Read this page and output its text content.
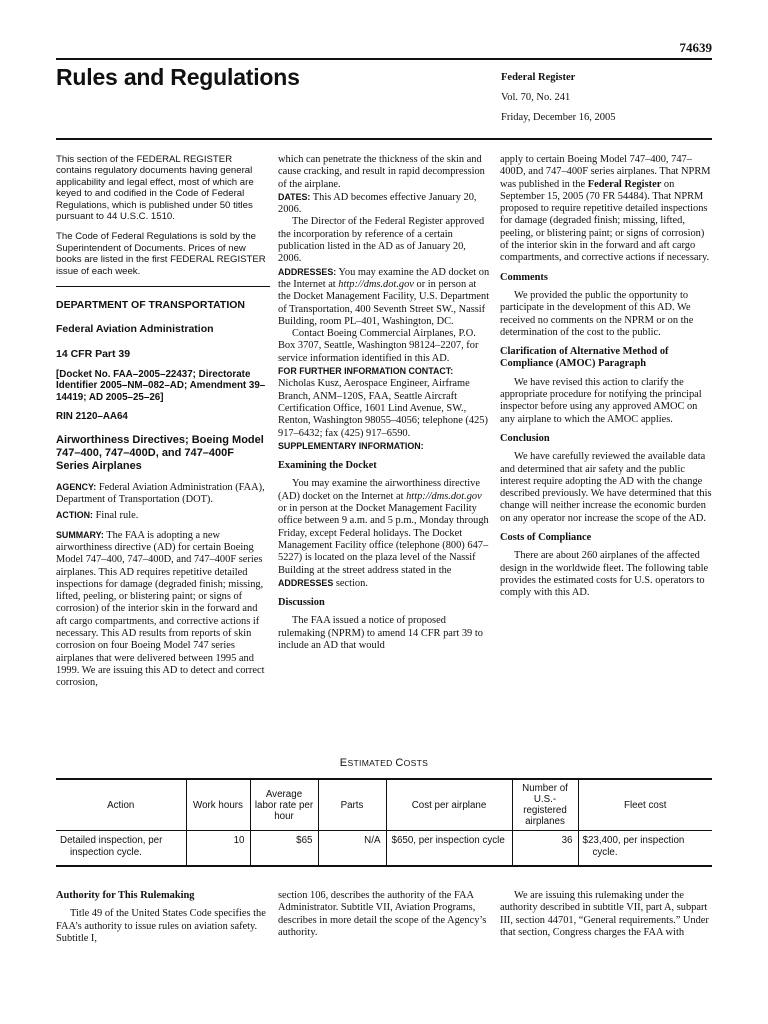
74639
Rules and Regulations	Federal Register
Vol. 70, No. 241
Friday, December 16, 2005

This section of the FEDERAL REGISTER contains regulatory documents having general applicability and legal effect, most of which are keyed to and codified in the Code of Federal Regulations, which is published under 50 titles pursuant to 44 U.S.C. 1510.

The Code of Federal Regulations is sold by the Superintendent of Documents. Prices of new books are listed in the first FEDERAL REGISTER issue of each week.

DEPARTMENT OF TRANSPORTATION
Federal Aviation Administration
14 CFR Part 39
[Docket No. FAA–2005–22437; Directorate Identifier 2005–NM–082–AD; Amendment 39–14419; AD 2005–25–26]
RIN 2120–AA64
Airworthiness Directives; Boeing Model 747–400, 747–400D, and 747–400F Series Airplanes

AGENCY: Federal Aviation Administration (FAA), Department of Transportation (DOT).

ACTION: Final rule.

SUMMARY: The FAA is adopting a new airworthiness directive (AD) for certain Boeing Model 747–400, 747–400D, and 747–400F series airplanes. This AD requires repetitive detailed inspections for damage (degraded finish; missing, lifted, peeling, or blistering paint; or signs of corrosion) of the interior skin in the forward and aft cargo compartments, and corrective actions if necessary. This AD results from reports of skin corrosion on four Boeing Model 747 series airplanes that were delivered between 1995 and 1999. We are issuing this AD to detect and correct corrosion,

which can penetrate the thickness of the skin and cause cracking, and result in rapid decompression of the airplane.

DATES: This AD becomes effective January 20, 2006.

The Director of the Federal Register approved the incorporation by reference of a certain publication listed in the AD as of January 20, 2006.

ADDRESSES: You may examine the AD docket on the Internet at http://dms.dot.gov or in person at the Docket Management Facility, U.S. Department of Transportation, 400 Seventh Street SW., Nassif Building, room PL–401, Washington, DC.

Contact Boeing Commercial Airplanes, P.O. Box 3707, Seattle, Washington 98124–2207, for service information identified in this AD.

FOR FURTHER INFORMATION CONTACT: Nicholas Kusz, Aerospace Engineer, Airframe Branch, ANM–120S, FAA, Seattle Aircraft Certification Office, 1601 Lind Avenue, SW., Renton, Washington 98055–4056; telephone (425) 917–6432; fax (425) 917–6590.

SUPPLEMENTARY INFORMATION:

Examining the Docket

You may examine the airworthiness directive (AD) docket on the Internet at http://dms.dot.gov or in person at the Docket Management Facility office between 9 a.m. and 5 p.m., Monday through Friday, except Federal holidays. The Docket Management Facility office (telephone (800) 647–5227) is located on the plaza level of the Nassif Building at the street address stated in the ADDRESSES section.

Discussion

The FAA issued a notice of proposed rulemaking (NPRM) to amend 14 CFR part 39 to include an AD that would

apply to certain Boeing Model 747–400, 747–400D, and 747–400F series airplanes. That NPRM was published in the Federal Register on September 15, 2005 (70 FR 54484). That NPRM proposed to require repetitive detailed inspections for damage (degraded finish; missing, lifted, peeling, or blistering paint; or signs of corrosion) of the interior skin in the forward and aft cargo compartments, and corrective actions if necessary.

Comments

We provided the public the opportunity to participate in the development of this AD. We received no comments on the NPRM or on the determination of the cost to the public.

Clarification of Alternative Method of Compliance (AMOC) Paragraph

We have revised this action to clarify the appropriate procedure for notifying the principal inspector before using any approved AMOC on any airplane to which the AMOC applies.

Conclusion

We have carefully reviewed the available data and determined that air safety and the public interest require adopting the AD with the change described previously. We have determined that this change will neither increase the economic burden on any operator nor increase the scope of the AD.

Costs of Compliance

There are about 260 airplanes of the affected design in the worldwide fleet. The following table provides the estimated costs for U.S. operators to comply with this AD.

ESTIMATED COSTS
Action	Work hours	Average labor rate per hour	Parts	Cost per airplane	Number of U.S.-registered airplanes	Fleet cost
Detailed inspection, per inspection cycle.	10	$65	N/A	$650, per inspection cycle	36	$23,400, per inspection cycle.
Authority for This Rulemaking

Title 49 of the United States Code specifies the FAA’s authority to issue rules on aviation safety. Subtitle I,

section 106, describes the authority of the FAA Administrator. Subtitle VII, Aviation Programs, describes in more detail the scope of the Agency’s authority.

We are issuing this rulemaking under the authority described in subtitle VII, part A, subpart III, section 44701, “General requirements.” Under that section, Congress charges the FAA with
